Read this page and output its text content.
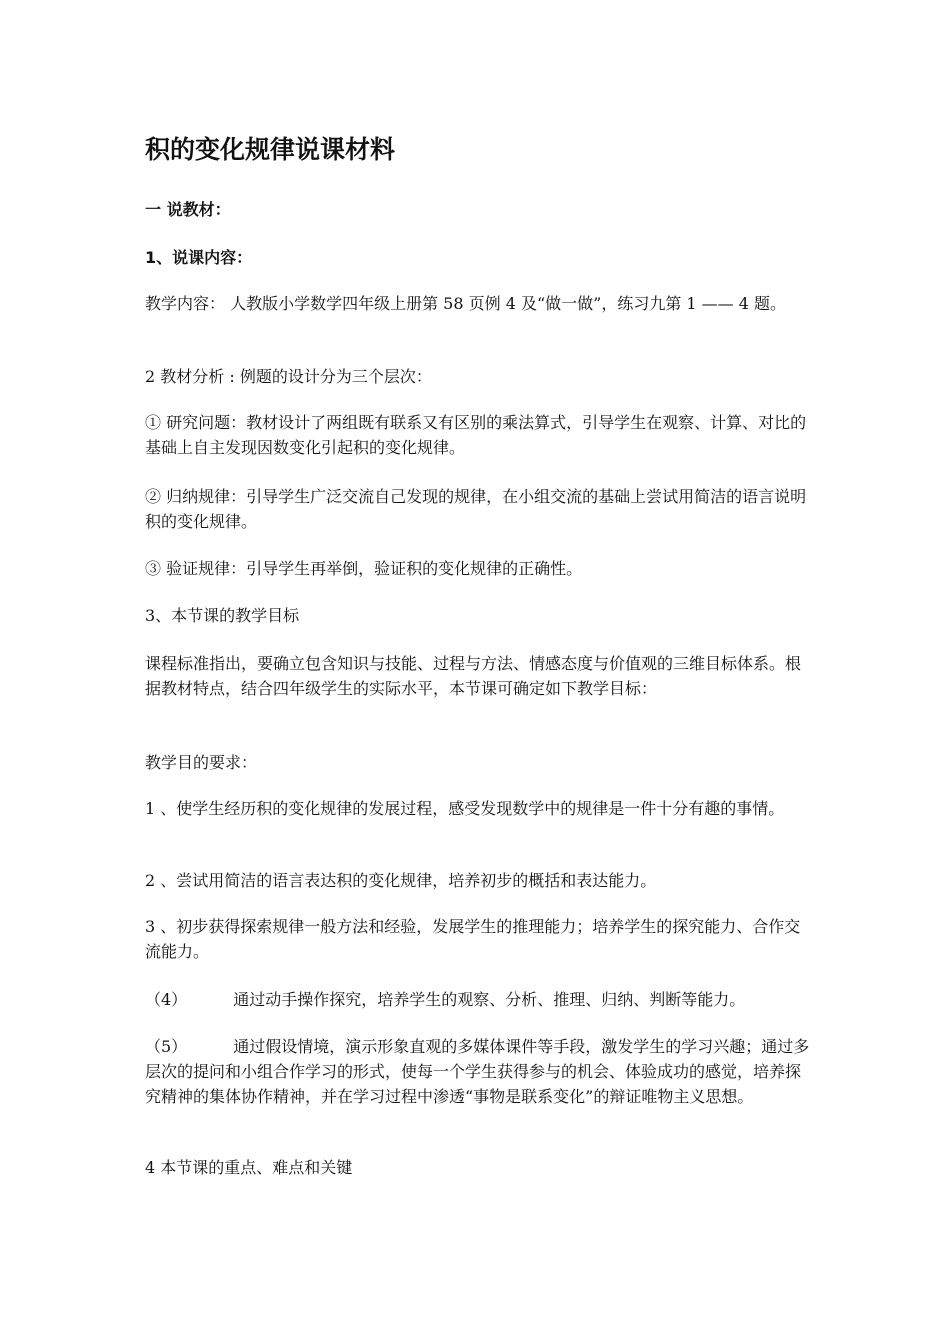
积的变化规律说课材料

一 说教材：

1、说课内容：

教学内容： 人教版小学数学四年级上册第 58 页例 4 及“做一做”，练习九第 1 —— 4 题。

2 教材分析 : 例题的设计分为三个层次：

① 研究问题：教材设计了两组既有联系又有区别的乘法算式，引导学生在观察、计算、对比的基础上自主发现因数变化引起积的变化规律。

② 归纳规律：引导学生广泛交流自己发现的规律，在小组交流的基础上尝试用简洁的语言说明积的变化规律。

③ 验证规律：引导学生再举倒，验证积的变化规律的正确性。

3、本节课的教学目标

课程标准指出，要确立包含知识与技能、过程与方法、情感态度与价值观的三维目标体系。根据教材特点，结合四年级学生的实际水平，本节课可确定如下教学目标：

教学目的要求：

1 、使学生经历积的变化规律的发展过程，感受发现数学中的规律是一件十分有趣的事情。

2 、尝试用简洁的语言表达积的变化规律，培养初步的概括和表达能力。

3 、初步获得探索规律一般方法和经验，发展学生的推理能力；培养学生的探究能力、合作交流能力。

（4）	通过动手操作探究，培养学生的观察、分析、推理、归纳、判断等能力。

（5）	通过假设情境，演示形象直观的多媒体课件等手段，激发学生的学习兴趣；通过多层次的提问和小组合作学习的形式，使每一个学生获得参与的机会、体验成功的感觉，培养探究精神的集体协作精神，并在学习过程中渗透“事物是联系变化”的辩证唯物主义思想。

4 本节课的重点、难点和关键
